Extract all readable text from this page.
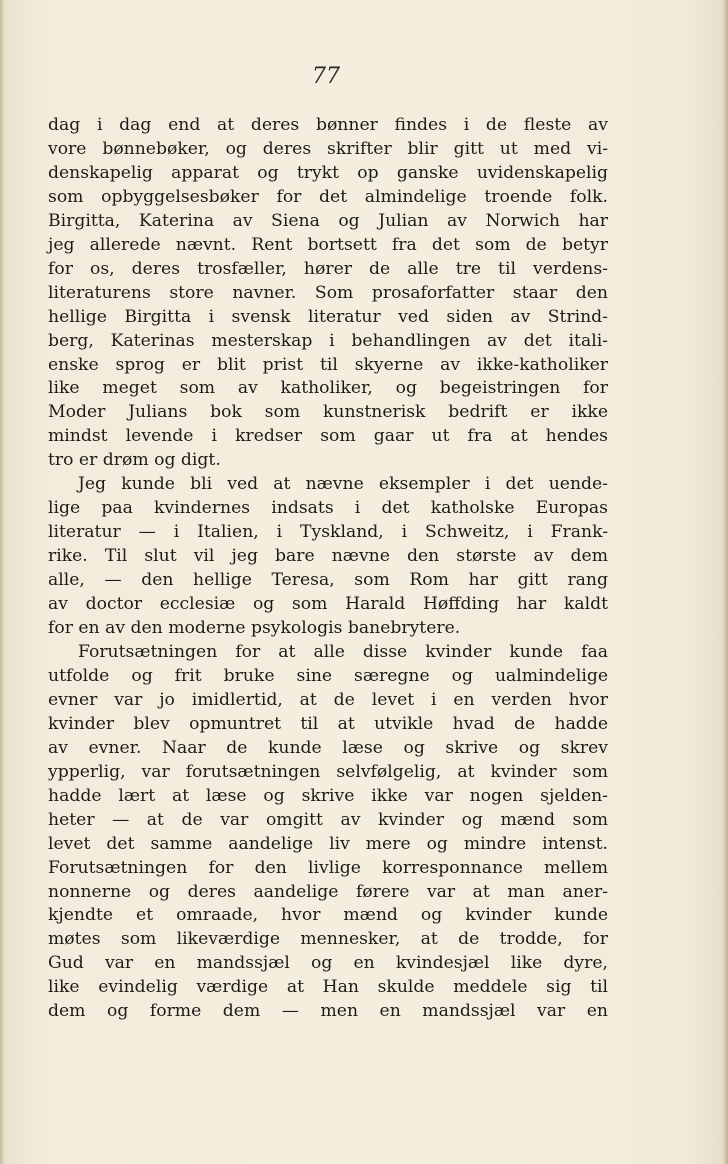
77
dag i dag end at deres bønner findes i de fleste av
vore bønnebøker, og deres skrifter blir gitt ut med vi-
denskapelig apparat og trykt op ganske uvidenskapelig
som opbyggelsesbøker for det almindelige troende folk.
Birgitta, Katerina av Siena og Julian av Norwich har
jeg allerede nævnt. Rent bortsett fra det som de betyr
for os, deres trosfæller, hører de alle tre til verdens-
literaturens store navner. Som prosaforfatter staar den
hellige Birgitta i svensk literatur ved siden av Strind-
berg, Katerinas mesterskap i behandlingen av det itali-
enske sprog er blit prist til skyerne av ikke-katholiker
like meget som av katholiker, og begeistringen for
Moder Julians bok som kunstnerisk bedrift er ikke
mindst levende i kredser som gaar ut fra at hendes
tro er drøm og digt.
Jeg kunde bli ved at nævne eksempler i det uende-
lige paa kvindernes indsats i det katholske Europas
literatur — i Italien, i Tyskland, i Schweitz, i Frank-
rike. Til slut vil jeg bare nævne den største av dem
alle, — den hellige Teresa, som Rom har gitt rang
av doctor ecclesiæ og som Harald Høffding har kaldt
for en av den moderne psykologis banebrytere.
Forutsætningen for at alle disse kvinder kunde faa
utfolde og frit bruke sine særegne og ualmindelige
evner var jo imidlertid, at de levet i en verden hvor
kvinder blev opmuntret til at utvikle hvad de hadde
av evner. Naar de kunde læse og skrive og skrev
ypperlig, var forutsætningen selvfølgelig, at kvinder som
hadde lært at læse og skrive ikke var nogen sjelden-
heter — at de var omgitt av kvinder og mænd som
levet det samme aandelige liv mere og mindre intenst.
Forutsætningen for den livlige korresponnance mellem
nonnerne og deres aandelige førere var at man aner-
kjendte et omraade, hvor mænd og kvinder kunde
møtes som likeværdige mennesker, at de trodde, for
Gud var en mandssjæl og en kvindesjæl like dyre,
like evindelig værdige at Han skulde meddele sig til
dem og forme dem — men en mandssjæl var en
